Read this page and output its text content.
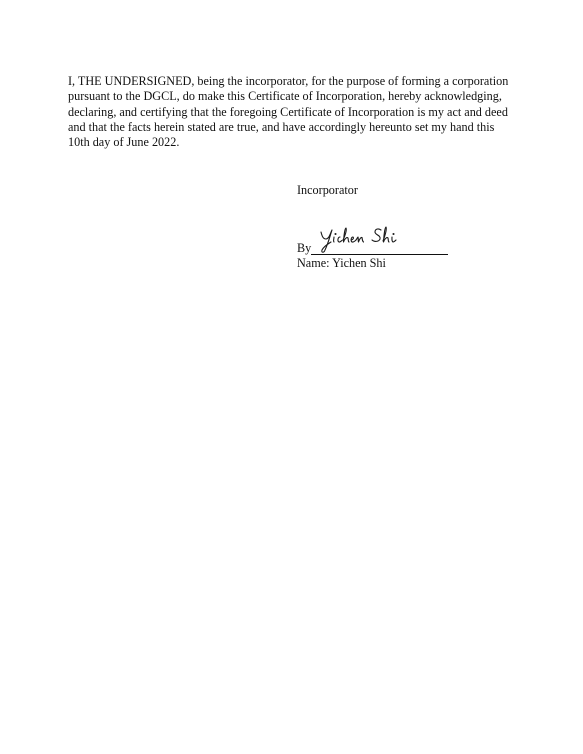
I, THE UNDERSIGNED, being the incorporator, for the purpose of forming a corporation pursuant to the DGCL, do make this Certificate of Incorporation, hereby acknowledging, declaring, and certifying that the foregoing Certificate of Incorporation is my act and deed and that the facts herein stated are true, and have accordingly hereunto set my hand this 10th day of June 2022.

Incorporator
By
Name: Yichen Shi
